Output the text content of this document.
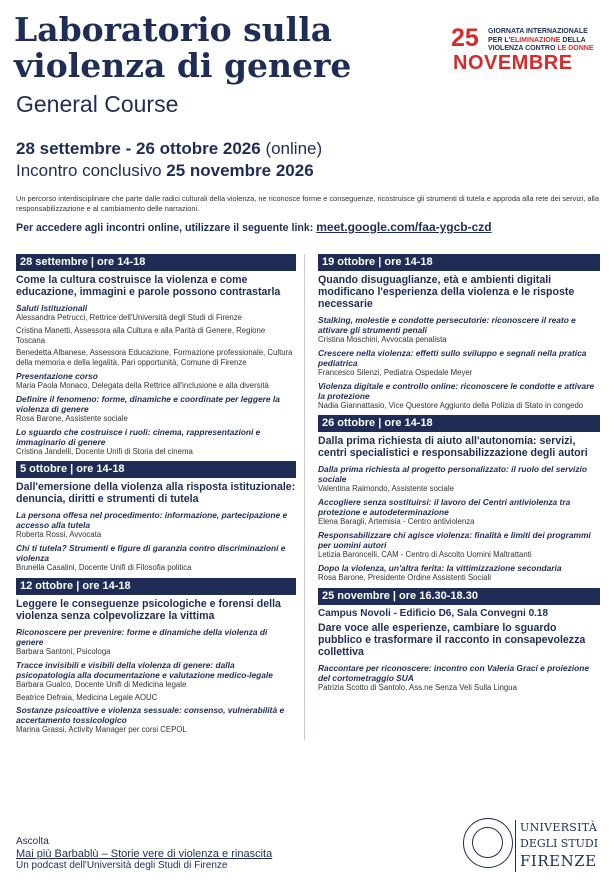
Laboratorio sulla
violenza di genere
General Course
25 GIORNATA INTERNAZIONALE
PER L'ELIMINAZIONE DELLA
VIOLENZA CONTRO LE DONNE
NOVEMBRE
28 settembre - 26 ottobre 2026 (online)
Incontro conclusivo 25 novembre 2026
Un percorso interdisciplinare che parte dalle radici culturali della violenza, ne riconosce forme e conseguenze, ricostruisce gli strumenti di tutela e approda alla rete dei servizi, alla responsabilizzazione e al cambiamento delle narrazioni.
Per accedere agli incontri online, utilizzare il seguente link: meet.google.com/faa-ygcb-czd
28 settembre | ore 14-18
Come la cultura costruisce la violenza e come educazione, immagini e parole possono contrastarla
Saluti Istituzionali
Alessandra Petrucci, Rettrice dell'Università degli Studi di Firenze
Cristina Manetti, Assessora alla Cultura e alla Parità di Genere, Regione Toscana
Benedetta Albanese, Assessora Educazione, Formazione professionale, Cultura della memoria e della legalità, Pari opportunità, Comune di Firenze
Presentazione corso
Maria Paola Monaco, Delegata della Rettrice all'inclusione e alla diversità
Definire il fenomeno: forme, dinamiche e coordinate per leggere la violenza di genere
Rosa Barone, Assistente sociale
Lo sguardo che costruisce i ruoli: cinema, rappresentazioni e immaginario di genere
Cristina Jandelli, Docente Unifi di Storia del cinema
5 ottobre | ore 14-18
Dall'emersione della violenza alla risposta istituzionale: denuncia, diritti e strumenti di tutela
La persona offesa nel procedimento: informazione, partecipazione e accesso alla tutela
Roberta Rossi, Avvocata
Chi ti tutela? Strumenti e figure di garanzia contro discriminazioni e violenza
Brunella Casalini, Docente Unifi di Filosofia politica
12 ottobre | ore 14-18
Leggere le conseguenze psicologiche e forensi della violenza senza colpevolizzare la vittima
Riconoscere per prevenire: forme e dinamiche della violenza di genere
Barbara Santoni, Psicologa
Tracce invisibili e visibili della violenza di genere: dalla psicopatologia alla documentazione e valutazione medico-legale
Barbara Gualco, Docente Unifi di Medicina legale
Beatrice Defraia, Medicina Legale AOUC
Sostanze psicoattive e violenza sessuale: consenso, vulnerabilità e accertamento tossicologico
Marina Grassi, Activity Manager per corsi CEPOL
19 ottobre | ore 14-18
Quando disuguaglianze, età e ambienti digitali modificano l'esperienza della violenza e le risposte necessarie
Stalking, molestie e condotte persecutorie: riconoscere il reato e attivare gli strumenti penali
Cristina Moschini, Avvocata penalista
Crescere nella violenza: effetti sullo sviluppo e segnali nella pratica pediatrica
Francesco Silenzi, Pediatra Ospedale Meyer
Violenza digitale e controllo online: riconoscere le condotte e attivare la protezione
Nadia Giannattasio, Vice Questore Aggiunto della Polizia di Stato in congedo
26 ottobre | ore 14-18
Dalla prima richiesta di aiuto all'autonomia: servizi, centri specialistici e responsabilizzazione degli autori
Dalla prima richiesta al progetto personalizzato: il ruolo del servizio sociale
Valentina Raimondo, Assistente sociale
Accogliere senza sostituirsi: il lavoro dei Centri antiviolenza tra protezione e autodeterminazione
Elena Baragli, Artemisia - Centro antiviolenza
Responsabilizzare chi agisce violenza: finalità e limiti dei programmi per uomini autori
Letizia Baroncelli, CAM - Centro di Ascolto Uomini Maltrattanti
Dopo la violenza, un'altra ferita: la vittimizzazione secondaria
Rosa Barone, Presidente Ordine Assistenti Sociali
25 novembre | ore 16.30-18.30
Campus Novoli - Edificio D6, Sala Convegni 0.18
Dare voce alle esperienze, cambiare lo sguardo pubblico e trasformare il racconto in consapevolezza collettiva
Raccontare per riconoscere: incontro con Valeria Graci e proiezione del cortometraggio SUA
Patrizia Scotto di Santolo, Ass.ne Senza Veli Sulla Lingua
Ascolta
Mai più Barbablù – Storie vere di violenza e rinascita
Un podcast dell'Università degli Studi di Firenze
UNIVERSITÀ
DEGLI STUDI
FIRENZE
